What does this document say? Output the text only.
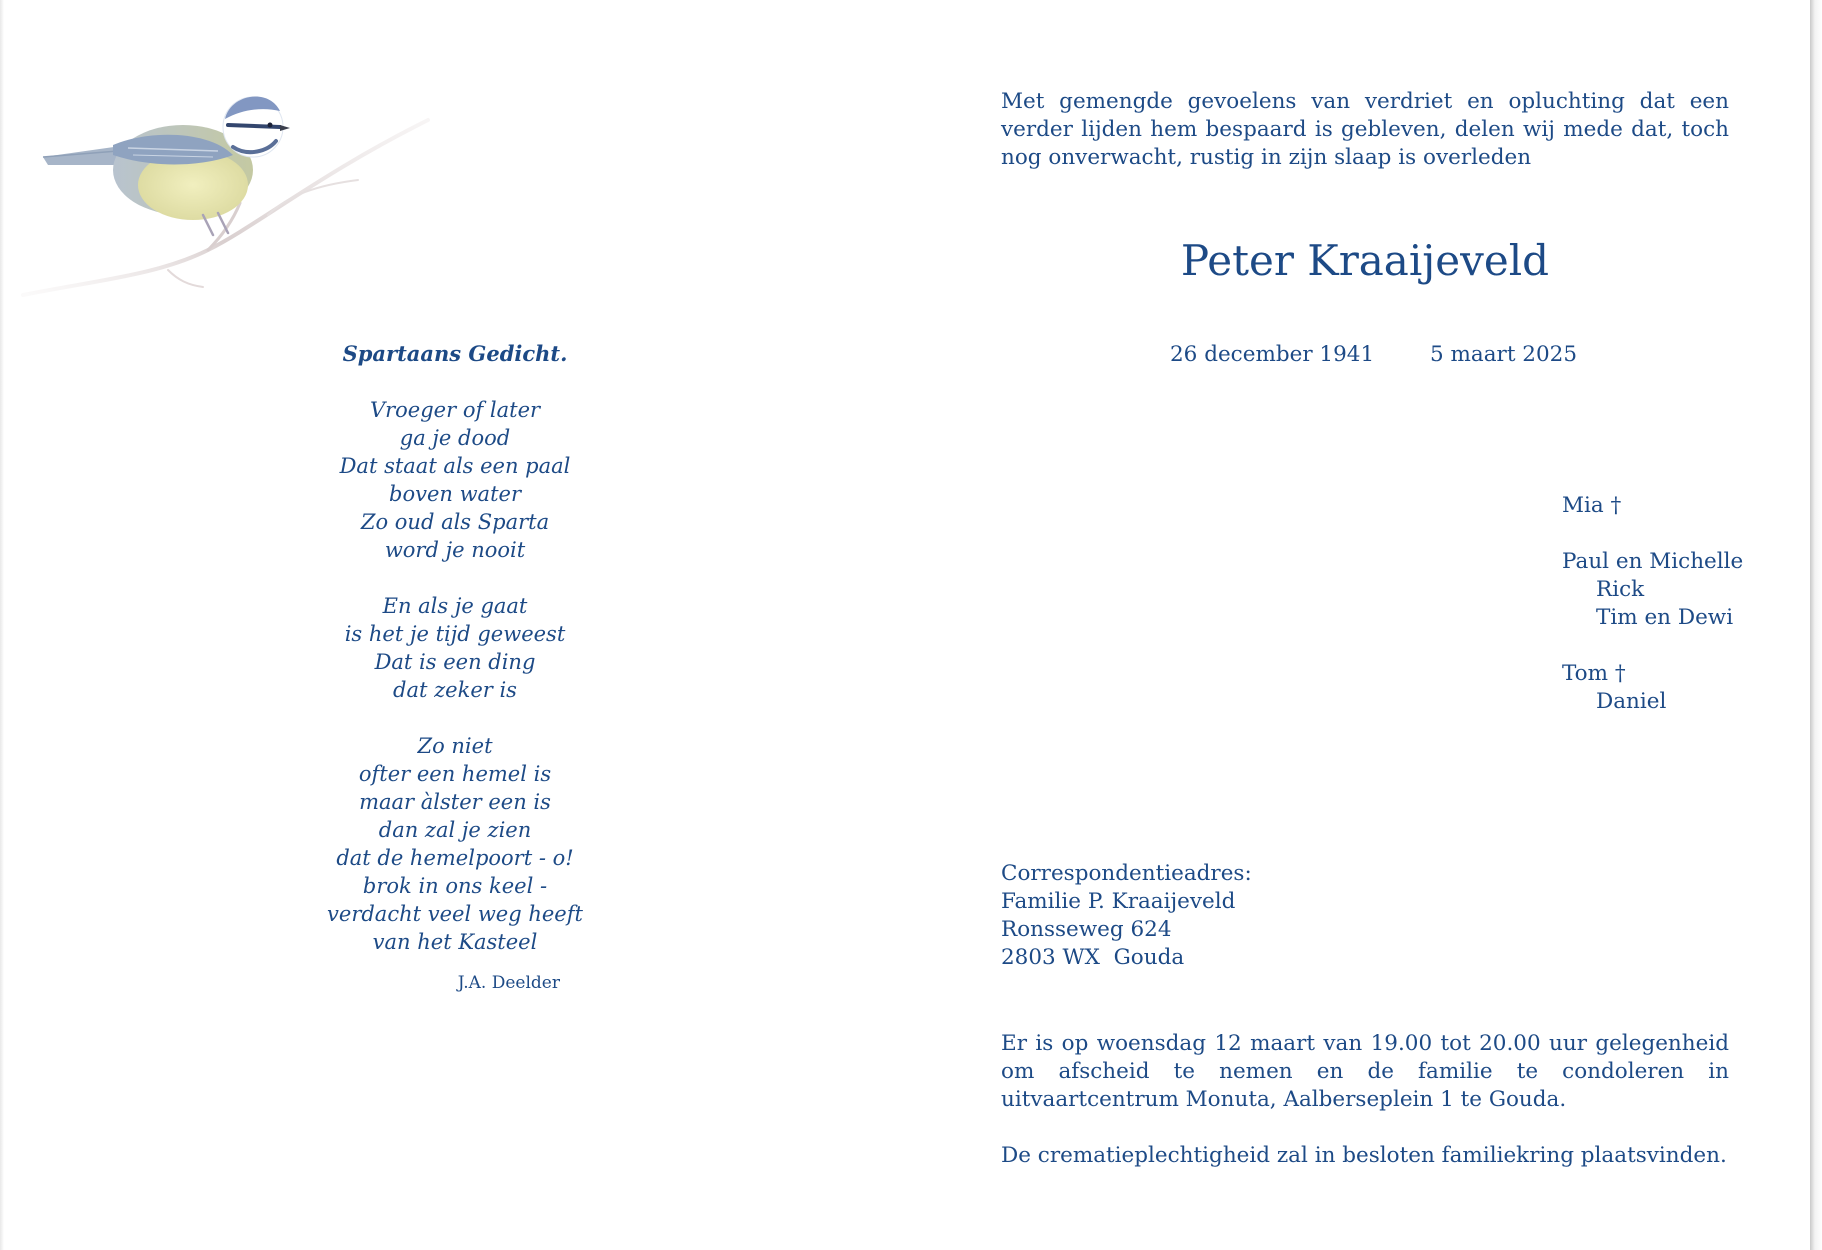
Spartaans Gedicht.
Vroeger of later
ga je dood
Dat staat als een paal
boven water
Zo oud als Sparta
word je nooit
En als je gaat
is het je tijd geweest
Dat is een ding
dat zeker is
Zo niet
ofter een hemel is
maar àlster een is
dan zal je zien
dat de hemelpoort - o!
brok in ons keel -
verdacht veel weg heeft
van het Kasteel
J.A. Deelder
Met gemengde gevoelens van verdriet en opluchting dat een verder lijden hem bespaard is gebleven, delen wij mede dat, toch nog onverwacht, rustig in zijn slaap is overleden
Peter Kraaijeveld
26 december 1941	5 maart 2025
Mia †
Paul en Michelle
Rick
Tim en Dewi
Tom †
Daniel
Correspondentieadres:
Familie P. Kraaijeveld
Ronsseweg 624
2803 WX  Gouda
Er is op woensdag 12 maart van 19.00 tot 20.00 uur gelegenheid om afscheid te nemen en de familie te condoleren in uitvaartcentrum Monuta, Aalberseplein 1 te Gouda.
De crematieplechtigheid zal in besloten familiekring plaatsvinden.
